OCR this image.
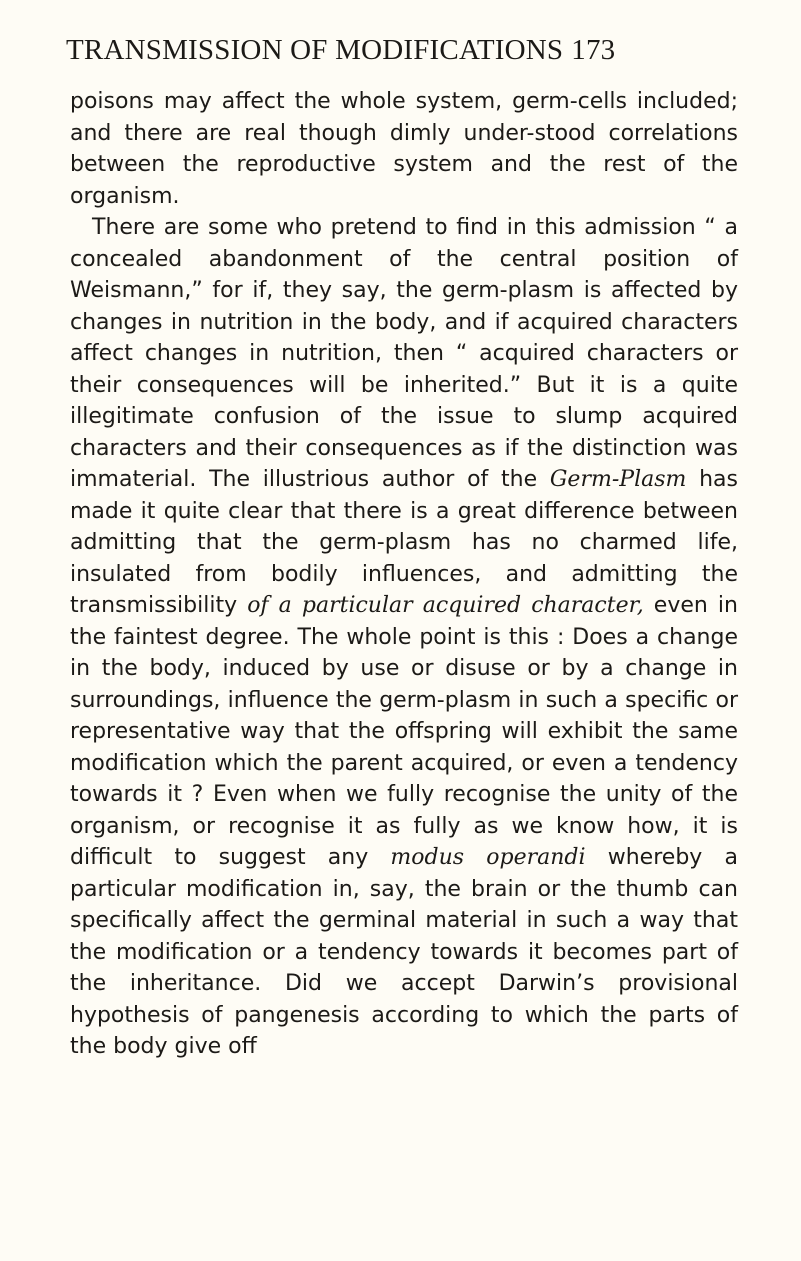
TRANSMISSION OF MODIFICATIONS 173

poisons may affect the whole system, germ-cells included; and there are real though dimly under-stood correlations between the reproductive system and the rest of the organism.

There are some who pretend to find in this admission “ a concealed abandonment of the central position of Weismann,” for if, they say, the germ-plasm is affected by changes in nutrition in the body, and if acquired characters affect changes in nutrition, then “ acquired characters or their consequences will be inherited.” But it is a quite illegitimate confusion of the issue to slump acquired characters and their consequences as if the distinction was immaterial. The illustrious author of the Germ-Plasm has made it quite clear that there is a great difference between admitting that the germ-plasm has no charmed life, insulated from bodily influences, and admitting the transmissibility of a particular acquired character, even in the faintest degree. The whole point is this : Does a change in the body, induced by use or disuse or by a change in surroundings, influence the germ-plasm in such a specific or representative way that the offspring will exhibit the same modification which the parent acquired, or even a tendency towards it ? Even when we fully recognise the unity of the organism, or recognise it as fully as we know how, it is difficult to suggest any modus operandi whereby a particular modification in, say, the brain or the thumb can specifically affect the germinal material in such a way that the modification or a tendency towards it becomes part of the inheritance. Did we accept Darwin’s provisional hypothesis of pangenesis according to which the parts of the body give off
